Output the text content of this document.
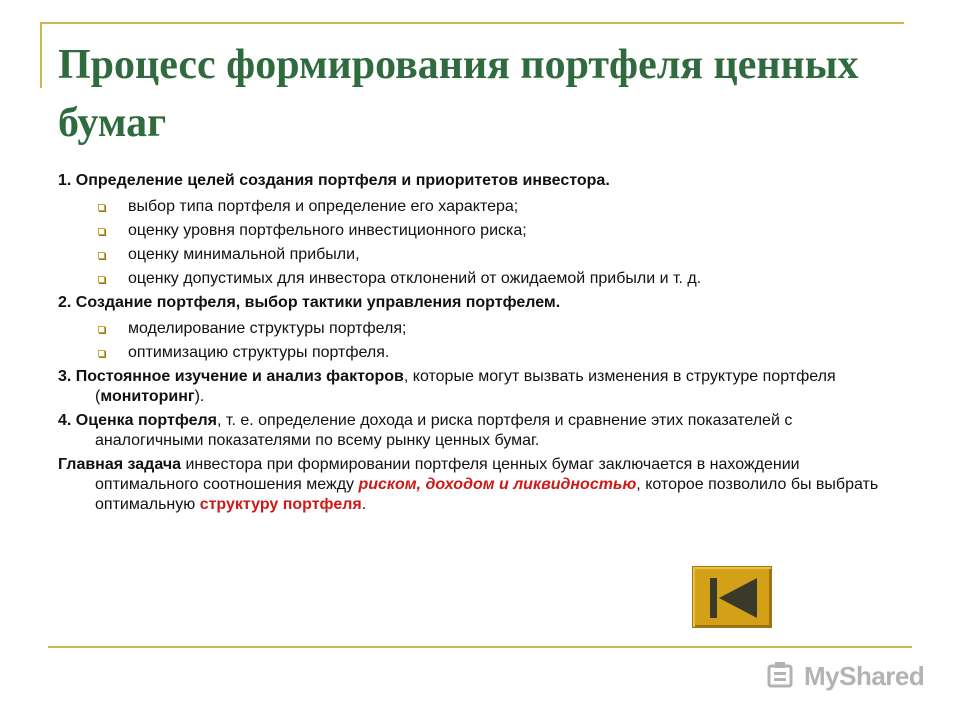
Процесс формирования портфеля ценных бумаг
1. Определение целей создания портфеля и приоритетов инвестора.
выбор типа портфеля и определение его характера;
оценку уровня портфельного инвестиционного риска;
оценку минимальной прибыли,
оценку допустимых для инвестора отклонений от ожидаемой прибыли и т. д.
2. Создание портфеля, выбор тактики управления портфелем.
моделирование структуры портфеля;
оптимизацию структуры портфеля.
3. Постоянное изучение и анализ факторов, которые могут вызвать изменения в структуре портфеля (мониторинг).
4. Оценка портфеля, т. е. определение дохода и риска портфеля и сравнение этих показателей с аналогичными показателями по всему рынку ценных бумаг.
Главная задача инвестора при формировании портфеля ценных бумаг заключается в нахождении оптимального соотношения между риском, доходом и ликвидностью, которое позволило бы выбрать оптимальную структуру портфеля.
MyShared
